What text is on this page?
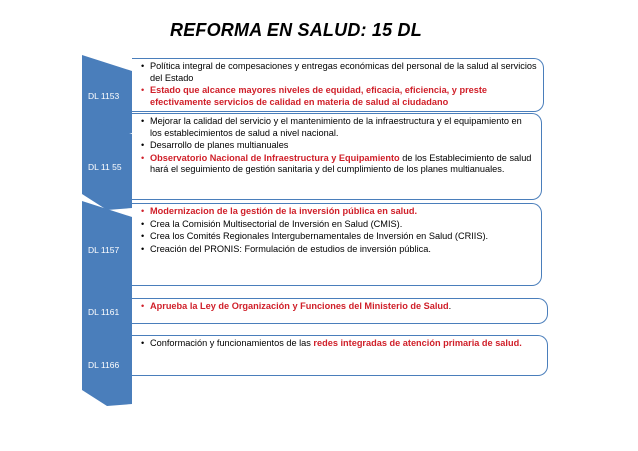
REFORMA EN SALUD: 15 DL
DL 1153
• Política integral de compesaciones y entregas económicas del personal de la salud al servicios del Estado
• Estado que alcance mayores niveles de equidad, eficacia, eficiencia, y preste efectivamente servicios de calidad en materia de salud al ciudadano
DL 11 55
• Mejorar la calidad del servicio y el mantenimiento de la infraestructura y el equipamiento en los establecimientos de salud a nivel nacional.
• Desarrollo de planes multianuales
• Observatorio Nacional de Infraestructura y Equipamiento de los Establecimiento de salud hará el seguimiento de gestión sanitaria y del cumplimiento de los planes multianuales.
DL 1157
• Modernizacion de la gestión de la inversión pública en salud.
• Crea la Comisión Multisectorial de Inversión en Salud (CMIS).
• Crea los Comités Regionales Intergubernamentales de Inversión en Salud (CRIIS).
• Creación del PRONIS: Formulación de estudios de inversión pública.
DL 1161
• Aprueba la Ley de Organización y Funciones del Ministerio de Salud.
DL 1166
• Conformación y funcionamientos de las redes integradas de atención primaria de salud.
